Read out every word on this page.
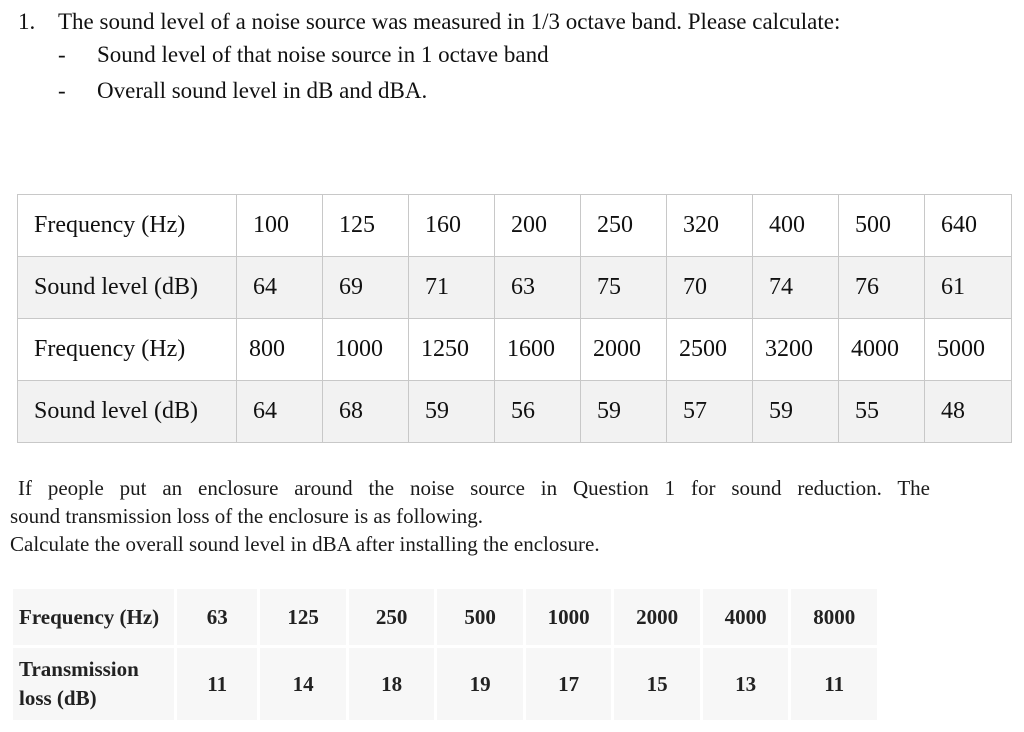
1. The sound level of a noise source was measured in 1/3 octave band. Please calculate:
- Sound level of that noise source in 1 octave band
- Overall sound level in dB and dBA.
Frequency (Hz)	100	125	160	200	250	320	400	500	640
Sound level (dB)	64	69	71	63	75	70	74	76	61
Frequency (Hz)	800	1000	1250	1600	2000	2500	3200	4000	5000
Sound level (dB)	64	68	59	56	59	57	59	55	48
If people put an enclosure around the noise source in Question 1 for sound reduction. The
sound transmission loss of the enclosure is as following.
Calculate the overall sound level in dBA after installing the enclosure.
Frequency (Hz)	63	125	250	500	1000	2000	4000	8000
Transmission
loss (dB)	11	14	18	19	17	15	13	11
